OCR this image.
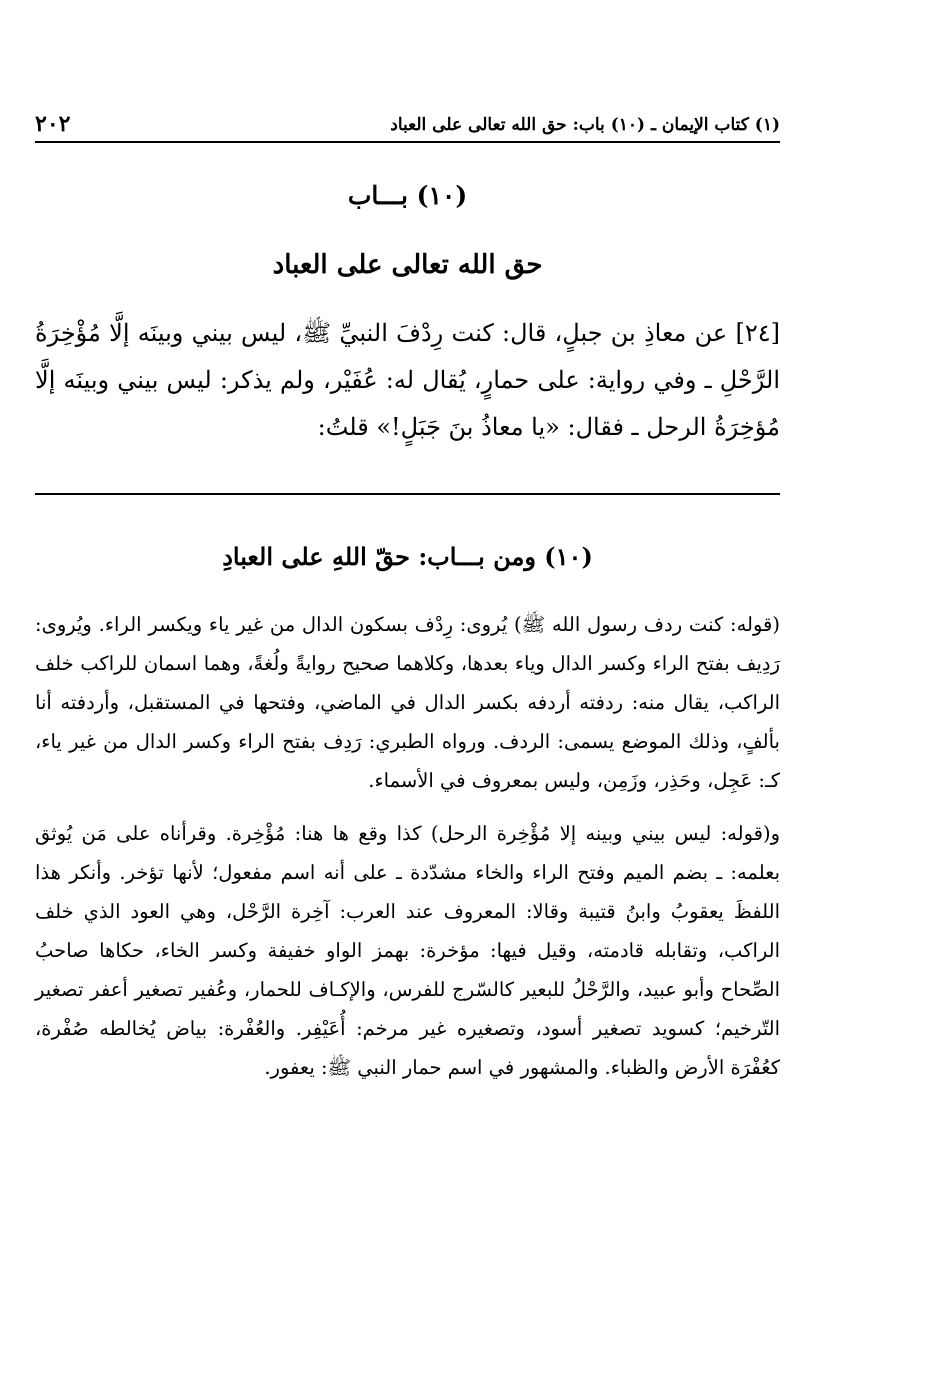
(١) كتاب الإيمان ـ (١٠) باب: حق الله تعالى على العباد
٢٠٢
(١٠) بـــاب
حق الله تعالى على العباد
[٢٤] عن معاذِ بن جبلٍ، قال: كنت رِدْفَ النبيِّ ﷺ، ليس بيني وبينَه إلَّا مُؤْخِرَةُ الرَّحْلِ ـ وفي رواية: على حمارٍ، يُقال له: عُفَيْر، ولم يذكر: ليس بيني وبينَه إلَّا مُؤخِرَةُ الرحل ـ فقال: «يا معاذُ بنَ جَبَلٍ!» قلتُ:
(١٠) ومن بـــاب: حقّ اللهِ على العبادِ

(قوله: كنت ردف رسول الله ﷺ) يُروى: رِدْف بسكون الدال من غير ياء ويكسر الراء. ويُروى: رَدِيف بفتح الراء وكسر الدال وياء بعدها، وكلاهما صحيح روايةً ولُغةً، وهما اسمان للراكب خلف الراكب، يقال منه: ردفته أردفه بكسر الدال في الماضي، وفتحها في المستقبل، وأردفته أنا بألفٍ، وذلك الموضع يسمى: الردف. ورواه الطبري: رَدِف بفتح الراء وكسر الدال من غير ياء، كـ: عَجِل، وحَذِر، وزَمِن، وليس بمعروف في الأسماء.

و(قوله: ليس بيني وبينه إلا مُؤْخِرة الرحل) كذا وقع ها هنا: مُؤْخِرة. وقرأناه على مَن يُوثق بعلمه: ـ بضم الميم وفتح الراء والخاء مشدّدة ـ على أنه اسم مفعول؛ لأنها تؤخر. وأنكر هذا اللفظَ يعقوبُ وابنُ قتيبة وقالا: المعروف عند العرب: آخِرة الرَّحْل، وهي العود الذي خلف الراكب، وتقابله قادمته، وقيل فيها: مؤخرة: بهمز الواو خفيفة وكسر الخاء، حكاها صاحبُ الصِّحاح وأبو عبيد، والرَّحْلُ للبعير كالسّرج للفرس، والإكـاف للحمار، وعُفير تصغير أعفر تصغير التّرخيم؛ كسويد تصغير أسود، وتصغيره غير مرخم: أُعَيْفِر. والعُفْرة: بياض يُخالطه صُفْرة، كعُفْرَة الأرض والظباء. والمشهور في اسم حمار النبي ﷺ: يعفور.
